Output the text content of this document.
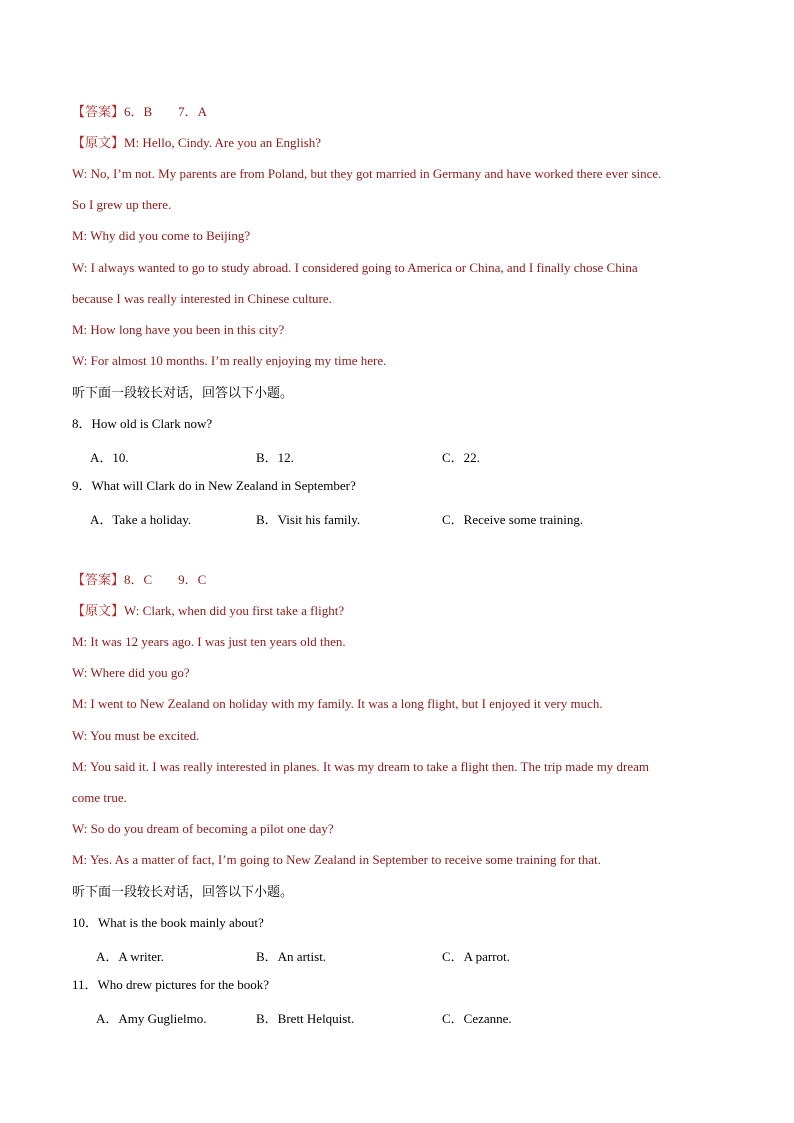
【答案】6．B　　7．A
【原文】M: Hello, Cindy. Are you an English?
W: No, I’m not. My parents are from Poland, but they got married in Germany and have worked there ever since.
So I grew up there.
M: Why did you come to Beijing?
W: I always wanted to go to study abroad. I considered going to America or China, and I finally chose China
because I was really interested in Chinese culture.
M: How long have you been in this city?
W: For almost 10 months. I’m really enjoying my time here.
听下面一段较长对话，回答以下小题。
8．How old is Clark now?
A．10.	B．12.	C．22.
9．What will Clark do in New Zealand in September?
A．Take a holiday.	B．Visit his family.	C．Receive some training.
【答案】8．C　　9．C
【原文】W: Clark, when did you first take a flight?
M: It was 12 years ago. I was just ten years old then.
W: Where did you go?
M: I went to New Zealand on holiday with my family. It was a long flight, but I enjoyed it very much.
W: You must be excited.
M: You said it. I was really interested in planes. It was my dream to take a flight then. The trip made my dream
come true.
W: So do you dream of becoming a pilot one day?
M: Yes. As a matter of fact, I’m going to New Zealand in September to receive some training for that.
听下面一段较长对话，回答以下小题。
10．What is the book mainly about?
A．A writer.	B．An artist.	C．A parrot.
11．Who drew pictures for the book?
A．Amy Guglielmo.	B．Brett Helquist.	C．Cezanne.
